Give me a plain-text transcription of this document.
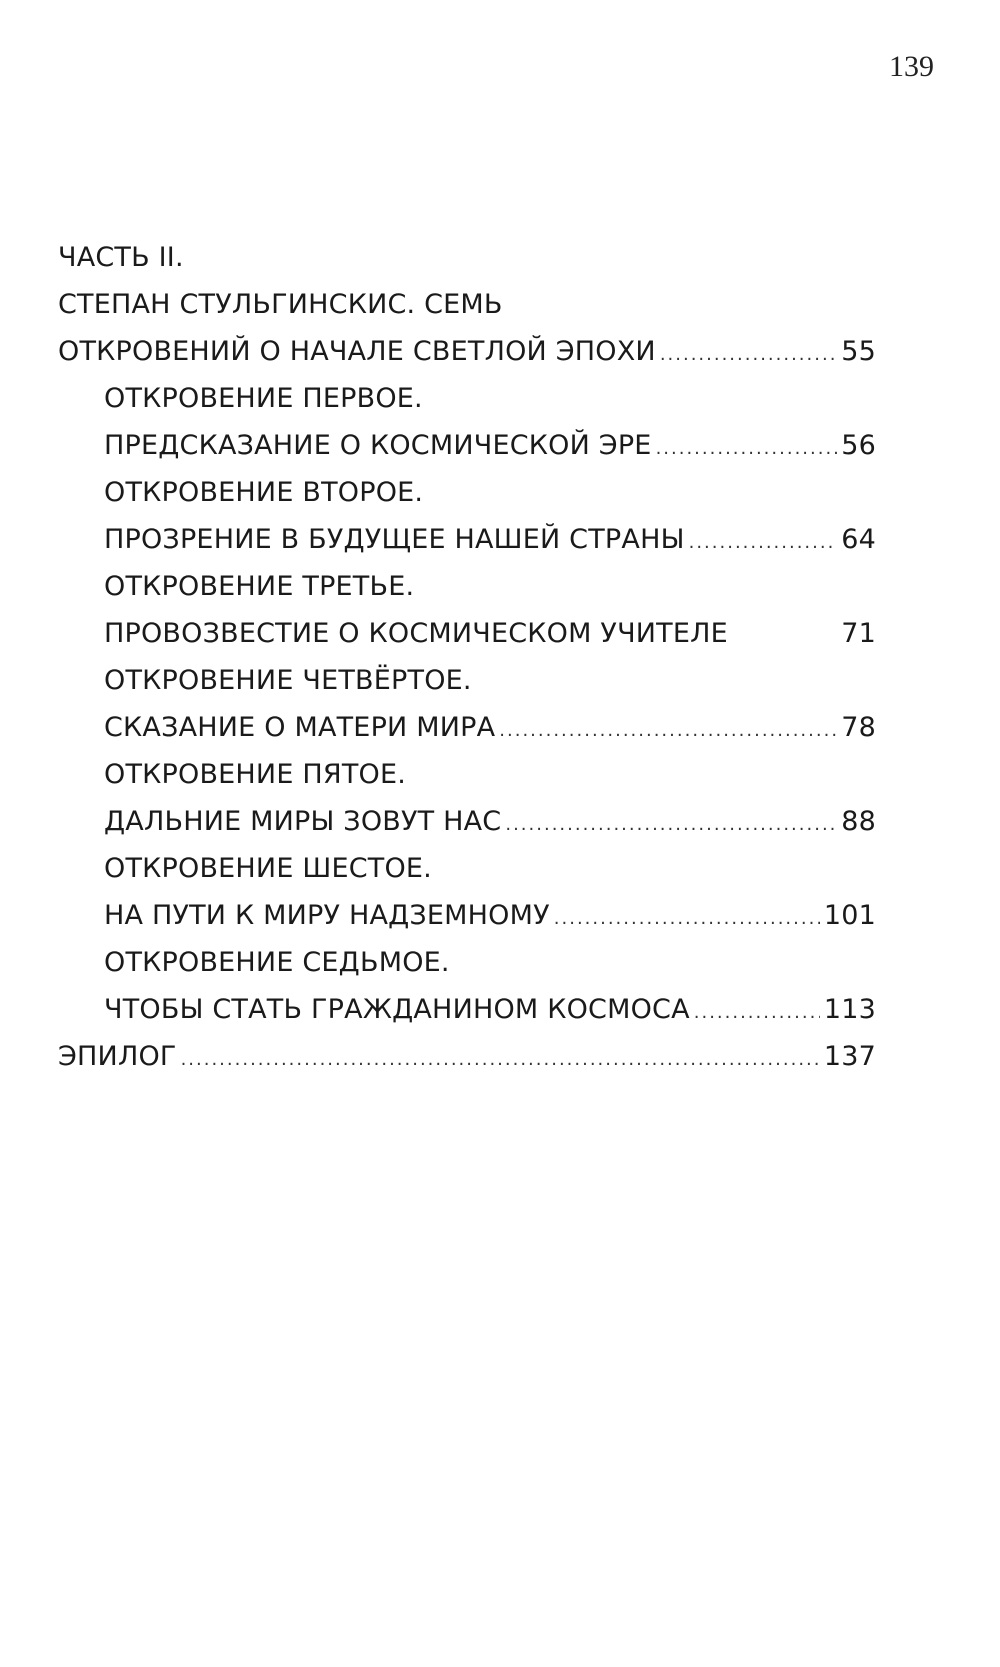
139
ЧАСТЬ II.
СТЕПАН СТУЛЬГИНСКИС. СЕМЬ
ОТКРОВЕНИЙ О НАЧАЛЕ СВЕТЛОЙ ЭПОХИ .....	55
ОТКРОВЕНИЕ ПЕРВОЕ.
ПРЕДСКАЗАНИЕ О КОСМИЧЕСКОЙ ЭРЕ .....	56
ОТКРОВЕНИЕ ВТОРОЕ.
ПРОЗРЕНИЕ В БУДУЩЕЕ НАШЕЙ СТРАНЫ .....	64
ОТКРОВЕНИЕ ТРЕТЬЕ.
ПРОВОЗВЕСТИЕ О КОСМИЧЕСКОМ УЧИТЕЛЕ	71
ОТКРОВЕНИЕ ЧЕТВЁРТОЕ.
СКАЗАНИЕ О МАТЕРИ МИРА .....	78
ОТКРОВЕНИЕ ПЯТОЕ.
ДАЛЬНИЕ МИРЫ ЗОВУТ НАС .....	88
ОТКРОВЕНИЕ ШЕСТОЕ.
НА ПУТИ К МИРУ НАДЗЕМНОМУ .....	101
ОТКРОВЕНИЕ СЕДЬМОЕ.
ЧТОБЫ СТАТЬ ГРАЖДАНИНОМ КОСМОСА .....	113
ЭПИЛОГ .....	137
